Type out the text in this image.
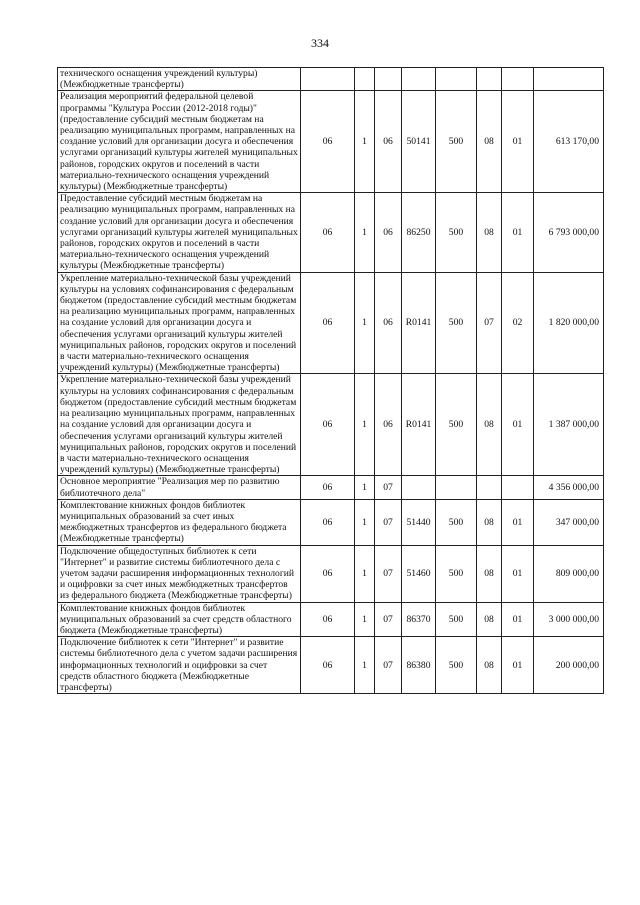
334
технического оснащения учреждений культуры) (Межбюджетные трансферты)								
Реализация мероприятий федеральной целевой программы "Культура России (2012-2018 годы)" (предоставление субсидий местным бюджетам на реализацию муниципальных программ, направленных на создание условий для организации досуга и обеспечения услугами организаций культуры жителей муниципальных районов, городских округов и поселений в части материально-технического оснащения учреждений культуры) (Межбюджетные трансферты)	06	1	06	50141	500	08	01	613 170,00
Предоставление субсидий местным бюджетам на реализацию муниципальных программ, направленных на создание условий для организации досуга и обеспечения услугами организаций культуры жителей муниципальных районов, городских округов и поселений в части материально-технического оснащения учреждений культуры (Межбюджетные трансферты)	06	1	06	86250	500	08	01	6 793 000,00
Укрепление материально-технической базы учреждений культуры на условиях софинансирования с федеральным бюджетом (предоставление субсидий местным бюджетам на реализацию муниципальных программ, направленных на создание условий для организации досуга и обеспечения услугами организаций культуры жителей муниципальных районов, городских округов и поселений в части материально-технического оснащения учреждений культуры) (Межбюджетные трансферты)	06	1	06	R0141	500	07	02	1 820 000,00
Укрепление материально-технической базы учреждений культуры на условиях софинансирования с федеральным бюджетом (предоставление субсидий местным бюджетам на реализацию муниципальных программ, направленных на создание условий для организации досуга и обеспечения услугами организаций культуры жителей муниципальных районов, городских округов и поселений в части материально-технического оснащения учреждений культуры) (Межбюджетные трансферты)	06	1	06	R0141	500	08	01	1 387 000,00
Основное мероприятие "Реализация мер по развитию библиотечного дела"	06	1	07					4 356 000,00
Комплектование книжных фондов библиотек муниципальных образований за счет иных межбюджетных трансфертов из федерального бюджета (Межбюджетные трансферты)	06	1	07	51440	500	08	01	347 000,00
Подключение общедоступных библиотек к сети "Интернет" и развитие системы библиотечного дела с учетом задачи расширения информационных технологий и оцифровки за счет иных межбюджетных трансфертов из федерального бюджета (Межбюджетные трансферты)	06	1	07	51460	500	08	01	809 000,00
Комплектование книжных фондов библиотек муниципальных образований за счет средств областного бюджета (Межбюджетные трансферты)	06	1	07	86370	500	08	01	3 000 000,00
Подключение библиотек к сети "Интернет" и развитие системы библиотечного дела с учетом задачи расширения информационных технологий и оцифровки за счет средств областного бюджета (Межбюджетные трансферты)	06	1	07	86380	500	08	01	200 000,00
